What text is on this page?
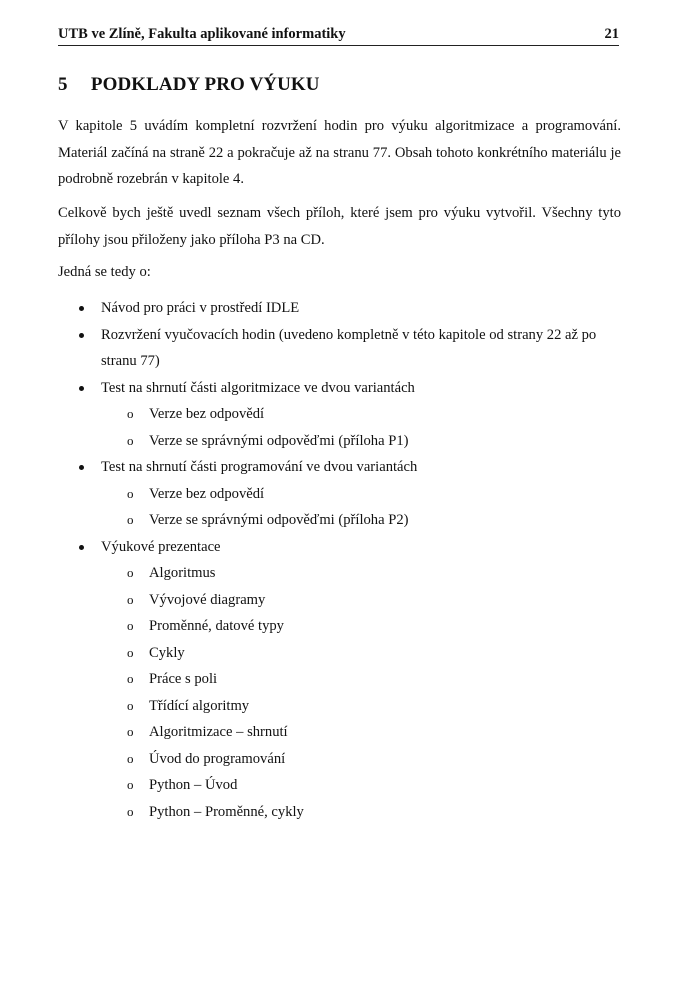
UTB ve Zlíně, Fakulta aplikované informatiky	21
5 PODKLADY PRO VÝUKU

V kapitole 5 uvádím kompletní rozvržení hodin pro výuku algoritmizace a programování. Materiál začíná na straně 22 a pokračuje až na stranu 77. Obsah tohoto konkrétního materiálu je podrobně rozebrán v kapitole 4.

Celkově bych ještě uvedl seznam všech příloh, které jsem pro výuku vytvořil. Všechny tyto přílohy jsou přiloženy jako příloha P3 na CD.

Jedná se tedy o:

Návod pro práci v prostředí IDLE
Rozvržení vyučovacích hodin (uvedeno kompletně v této kapitole od strany 22 až po stranu 77)
Test na shrnutí části algoritmizace ve dvou variantách
o Verze bez odpovědí
o Verze se správnými odpověďmi (příloha P1)
Test na shrnutí části programování ve dvou variantách
o Verze bez odpovědí
o Verze se správnými odpověďmi (příloha P2)
Výukové prezentace
o Algoritmus
o Vývojové diagramy
o Proměnné, datové typy
o Cykly
o Práce s poli
o Třídící algoritmy
o Algoritmizace – shrnutí
o Úvod do programování
o Python – Úvod
o Python – Proměnné, cykly
